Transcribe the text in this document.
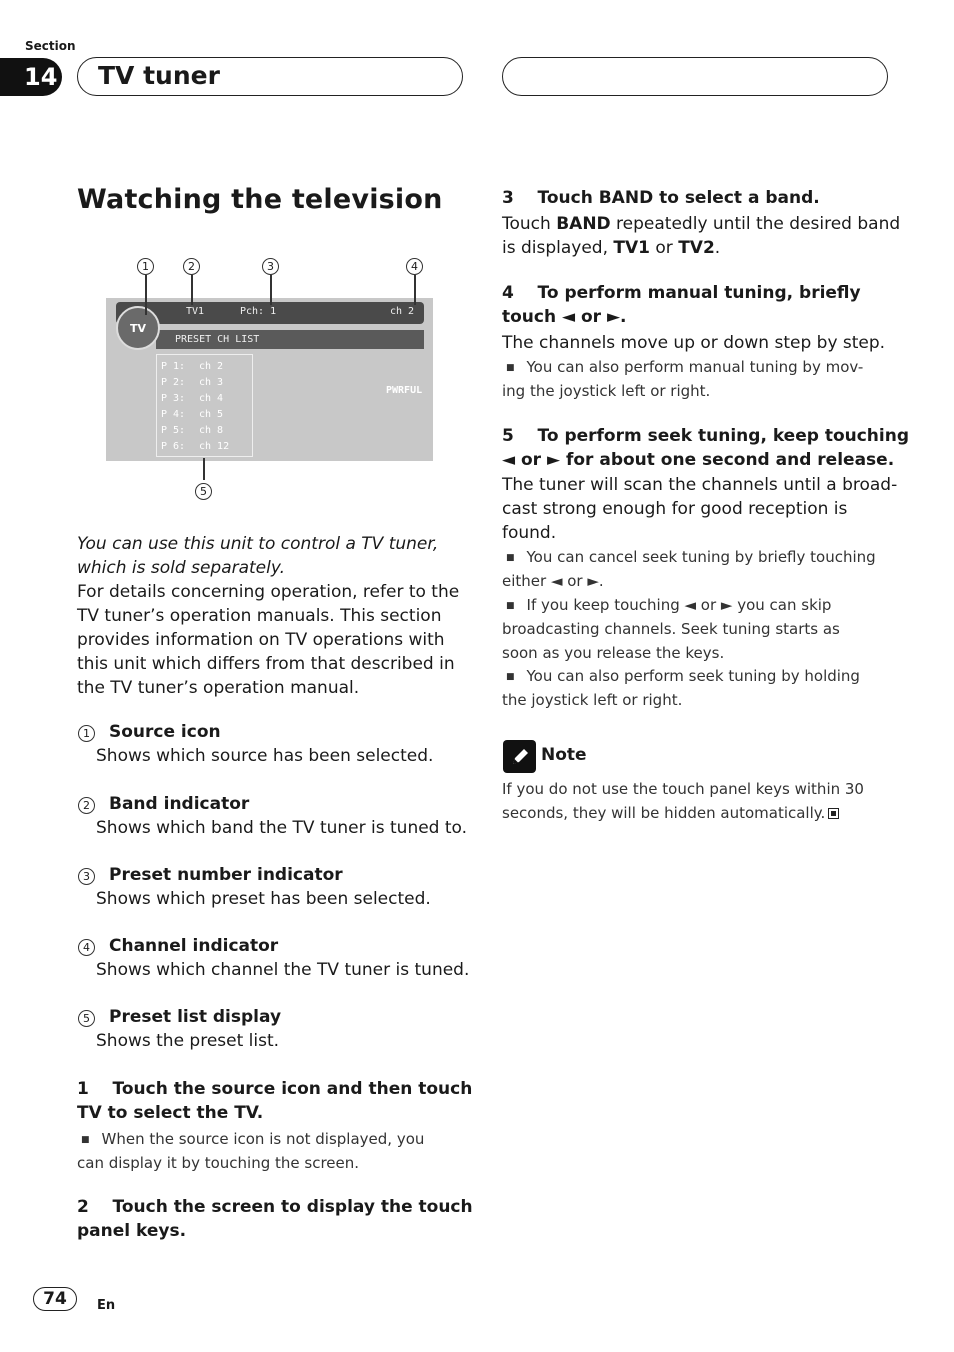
Section
14	TV tuner
Watching the television
1	2	3	4
5
TV1	Pch: 1	ch 2
PRESET CH LIST
TV
P 1: ch 2
P 2: ch 3
P 3: ch 4
P 4: ch 5
P 5: ch 8
P 6: ch 12
PWRFUL
You can use this unit to control a TV tuner,
which is sold separately.
For details concerning operation, refer to the
TV tuner’s operation manuals. This section
provides information on TV operations with
this unit which differs from that described in
the TV tuner’s operation manual.
1 Source icon
Shows which source has been selected.
2 Band indicator
Shows which band the TV tuner is tuned to.
3 Preset number indicator
Shows which preset has been selected.
4 Channel indicator
Shows which channel the TV tuner is tuned.
5 Preset list display
Shows the preset list.
1    Touch the source icon and then touch
TV to select the TV.
■ When the source icon is not displayed, you
can display it by touching the screen.
2    Touch the screen to display the touch
panel keys.
3    Touch BAND to select a band.
Touch BAND repeatedly until the desired band
is displayed, TV1 or TV2.
4    To perform manual tuning, briefly
touch ◄ or ►.
The channels move up or down step by step.
■ You can also perform manual tuning by mov-
ing the joystick left or right.
5    To perform seek tuning, keep touching
◄ or ► for about one second and release.
The tuner will scan the channels until a broad-
cast strong enough for good reception is
found.
■ You can cancel seek tuning by briefly touching
either ◄ or ►.
■ If you keep touching ◄ or ► you can skip
broadcasting channels. Seek tuning starts as
soon as you release the keys.
■ You can also perform seek tuning by holding
the joystick left or right.
Note
If you do not use the touch panel keys within 30
seconds, they will be hidden automatically.
74	En
